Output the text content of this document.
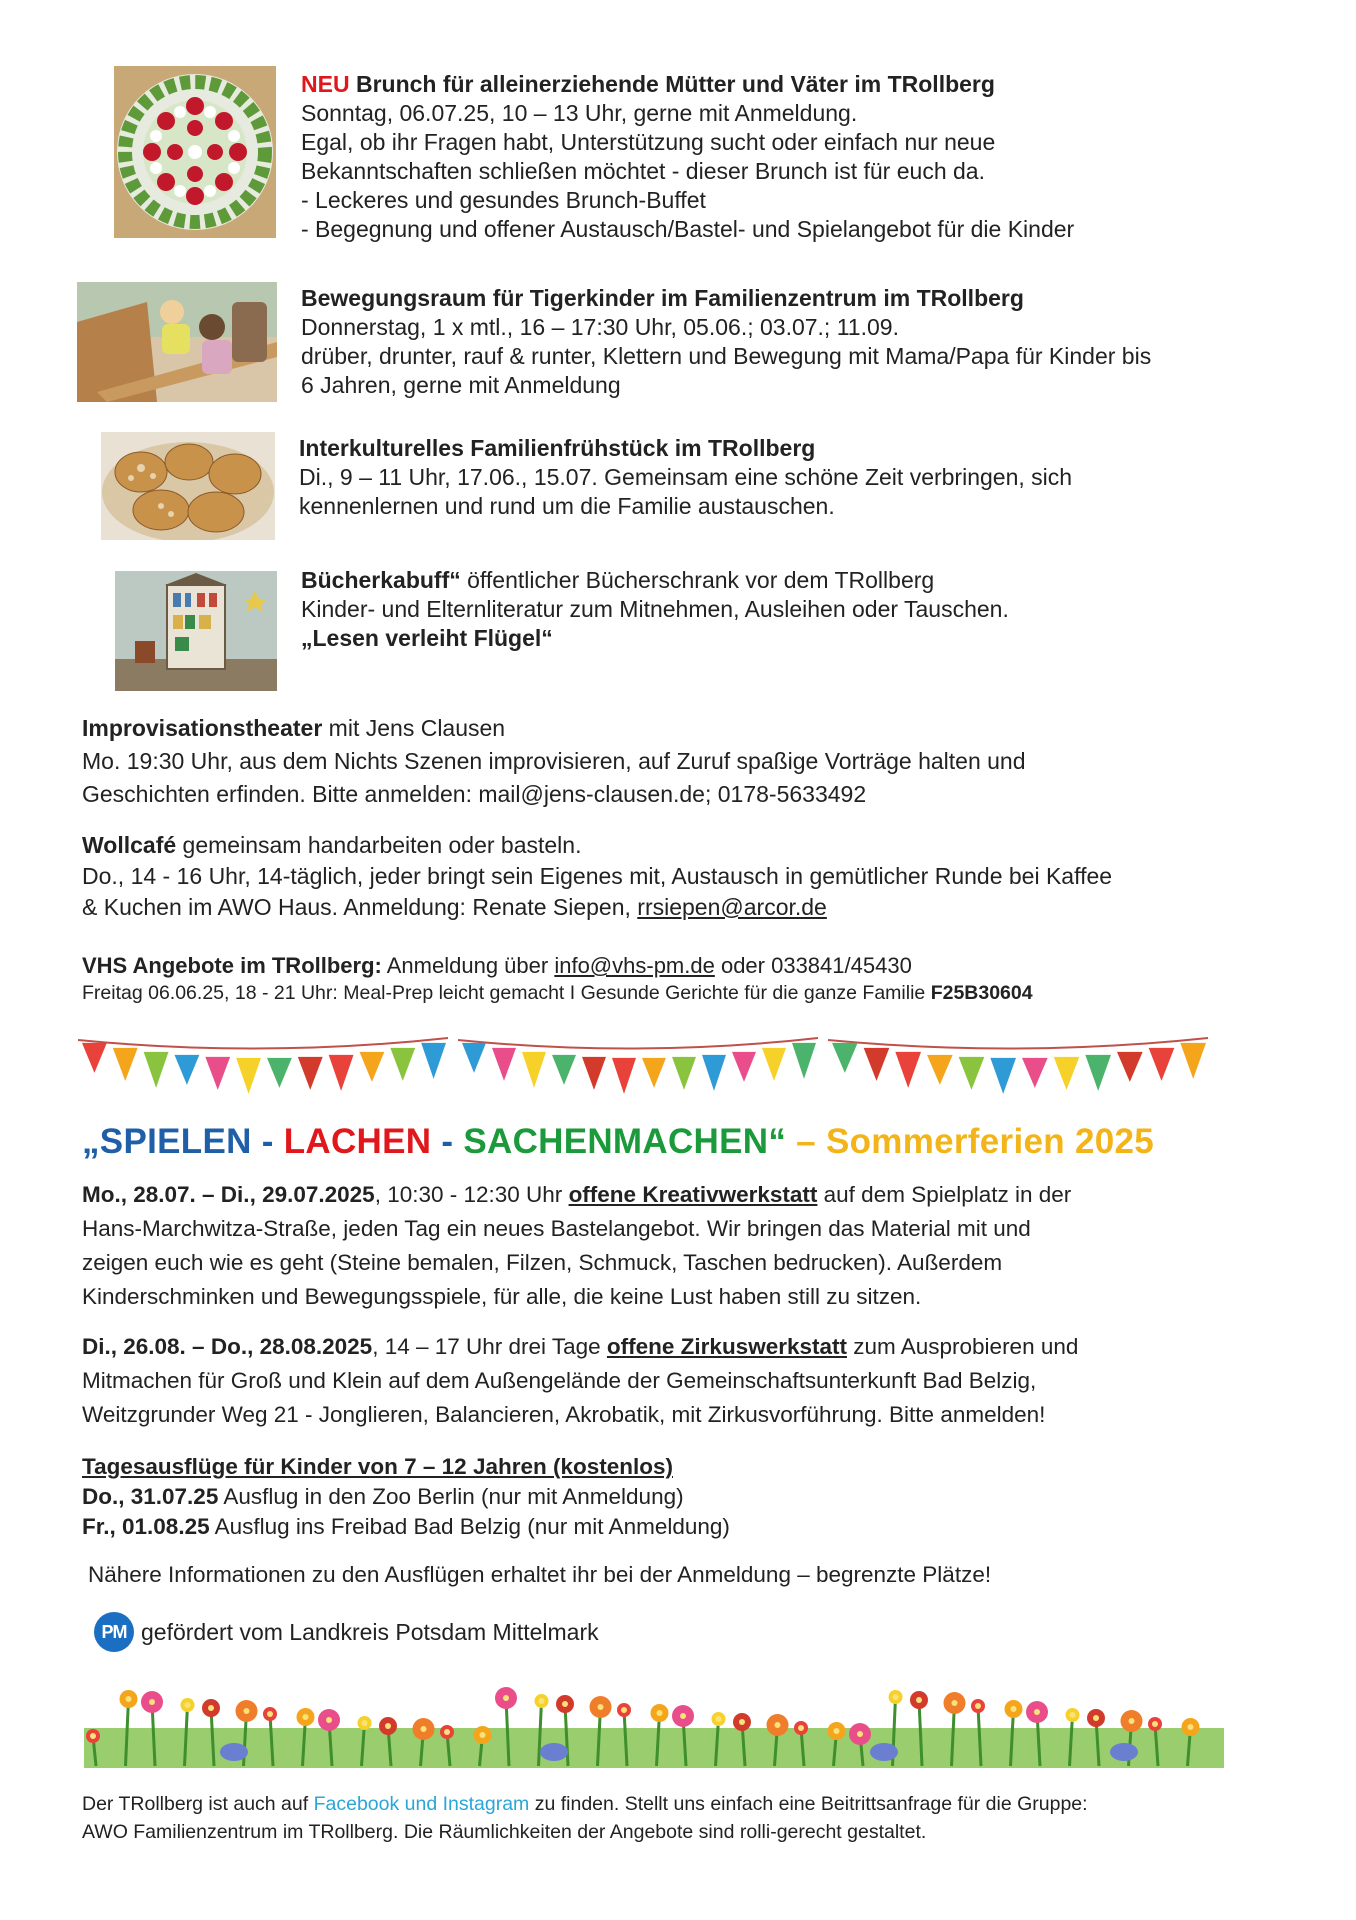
NEU Brunch für alleinerziehende Mütter und Väter im TRollberg

Sonntag, 06.07.25, 10 – 13 Uhr, gerne mit Anmeldung.

Egal, ob ihr Fragen habt, Unterstützung sucht oder einfach nur neue

Bekanntschaften schließen möchtet - dieser Brunch ist für euch da.

- Leckeres und gesundes Brunch-Buffet

- Begegnung und offener Austausch/Bastel- und Spielangebot für die Kinder

Bewegungsraum für Tigerkinder im Familienzentrum im TRollberg

Donnerstag, 1 x mtl., 16 – 17:30 Uhr, 05.06.; 03.07.; 11.09.

drüber, drunter, rauf & runter, Klettern und Bewegung mit Mama/Papa für Kinder bis

6 Jahren, gerne mit Anmeldung

Interkulturelles Familienfrühstück im TRollberg

Di., 9 – 11 Uhr, 17.06., 15.07. Gemeinsam eine schöne Zeit verbringen, sich

kennenlernen und rund um die Familie austauschen.

Bücherkabuff“ öffentlicher Bücherschrank vor dem TRollberg

Kinder- und Elternliteratur zum Mitnehmen, Ausleihen oder Tauschen.

„Lesen verleiht Flügel“

Improvisationstheater mit Jens Clausen

Mo. 19:30 Uhr, aus dem Nichts Szenen improvisieren, auf Zuruf spaßige Vorträge halten und

Geschichten erfinden. Bitte anmelden: mail@jens-clausen.de; 0178-5633492

Wollcafé gemeinsam handarbeiten oder basteln.

Do., 14 - 16 Uhr, 14-täglich, jeder bringt sein Eigenes mit, Austausch in gemütlicher Runde bei Kaffee

& Kuchen im AWO Haus. Anmeldung: Renate Siepen, rrsiepen@arcor.de

VHS Angebote im TRollberg: Anmeldung über info@vhs-pm.de oder 033841/45430

Freitag 06.06.25, 18 - 21 Uhr: Meal-Prep leicht gemacht I Gesunde Gerichte für die ganze Familie F25B30604

„SPIELEN - LACHEN - SACHENMACHEN“ – Sommerferien 2025

Mo., 28.07. – Di., 29.07.2025, 10:30 - 12:30 Uhr offene Kreativwerkstatt auf dem Spielplatz in der

Hans-Marchwitza-Straße, jeden Tag ein neues Bastelangebot. Wir bringen das Material mit und

zeigen euch wie es geht (Steine bemalen, Filzen, Schmuck, Taschen bedrucken). Außerdem

Kinderschminken und Bewegungsspiele, für alle, die keine Lust haben still zu sitzen.

Di., 26.08. – Do., 28.08.2025, 14 – 17 Uhr drei Tage offene Zirkuswerkstatt zum Ausprobieren und

Mitmachen für Groß und Klein auf dem Außengelände der Gemeinschaftsunterkunft Bad Belzig,

Weitzgrunder Weg 21 - Jonglieren, Balancieren, Akrobatik, mit Zirkusvorführung. Bitte anmelden!

Tagesausflüge für Kinder von 7 – 12 Jahren (kostenlos)

Do., 31.07.25 Ausflug in den Zoo Berlin (nur mit Anmeldung)

Fr., 01.08.25 Ausflug ins Freibad Bad Belzig (nur mit Anmeldung)

Nähere Informationen zu den Ausflügen erhaltet ihr bei der Anmeldung – begrenzte Plätze!
PM gefördert vom Landkreis Potsdam Mittelmark

Der TRollberg ist auch auf Facebook und Instagram zu finden. Stellt uns einfach eine Beitrittsanfrage für die Gruppe:

AWO Familienzentrum im TRollberg. Die Räumlichkeiten der Angebote sind rolli-gerecht gestaltet.
